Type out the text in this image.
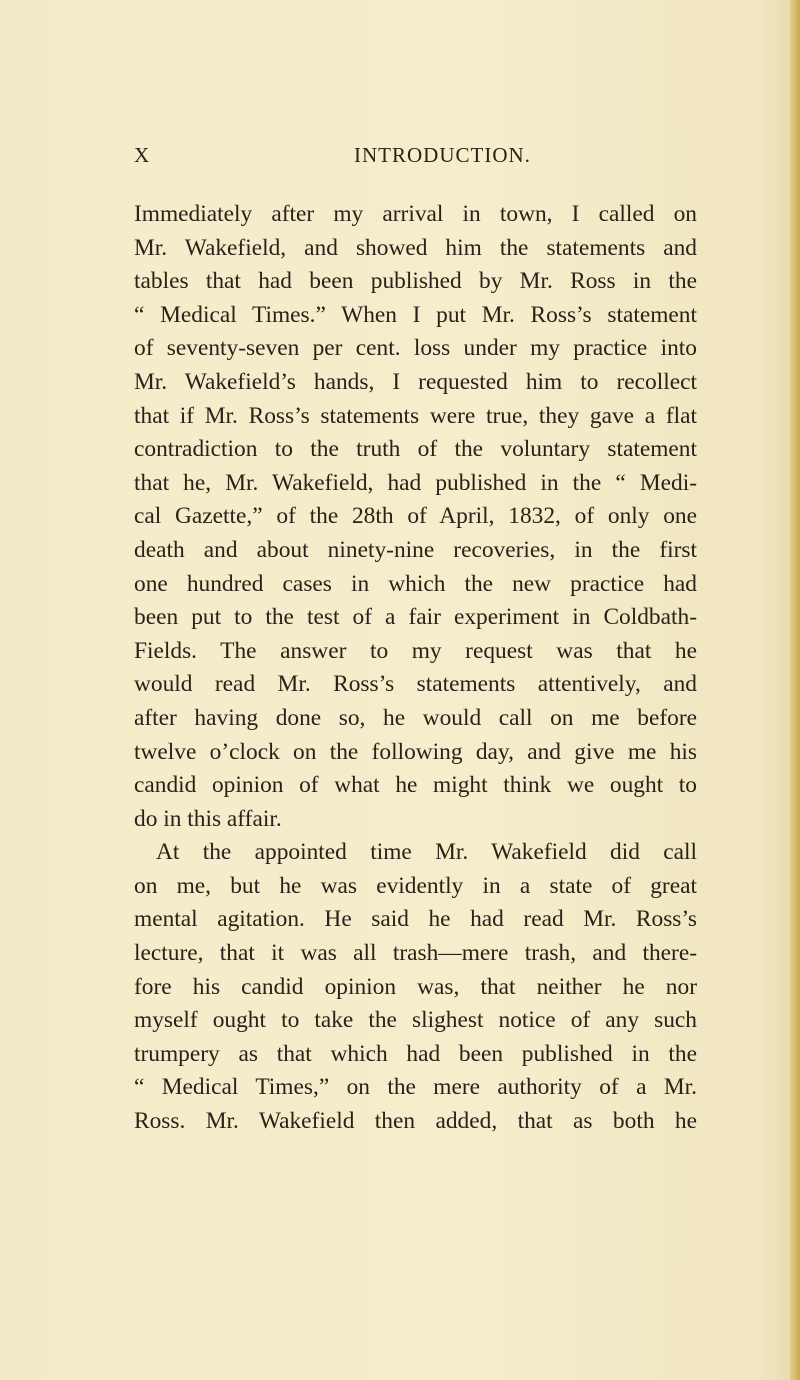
X	INTRODUCTION.
Immediately after my arrival in town, I called on
Mr. Wakefield, and showed him the statements and
tables that had been published by Mr. Ross in the
“ Medical Times.” When I put Mr. Ross’s statement
of seventy-seven per cent. loss under my practice into
Mr. Wakefield’s hands, I requested him to recollect
that if Mr. Ross’s statements were true, they gave a flat
contradiction to the truth of the voluntary statement
that he, Mr. Wakefield, had published in the “ Medi-
cal Gazette,” of the 28th of April, 1832, of only one
death and about ninety-nine recoveries, in the first
one hundred cases in which the new practice had
been put to the test of a fair experiment in Coldbath-
Fields. The answer to my request was that he
would read Mr. Ross’s statements attentively, and
after having done so, he would call on me before
twelve o’clock on the following day, and give me his
candid opinion of what he might think we ought to
do in this affair.
At the appointed time Mr. Wakefield did call
on me, but he was evidently in a state of great
mental agitation. He said he had read Mr. Ross’s
lecture, that it was all trash—mere trash, and there-
fore his candid opinion was, that neither he nor
myself ought to take the slighest notice of any such
trumpery as that which had been published in the
“ Medical Times,” on the mere authority of a Mr.
Ross. Mr. Wakefield then added, that as both he
